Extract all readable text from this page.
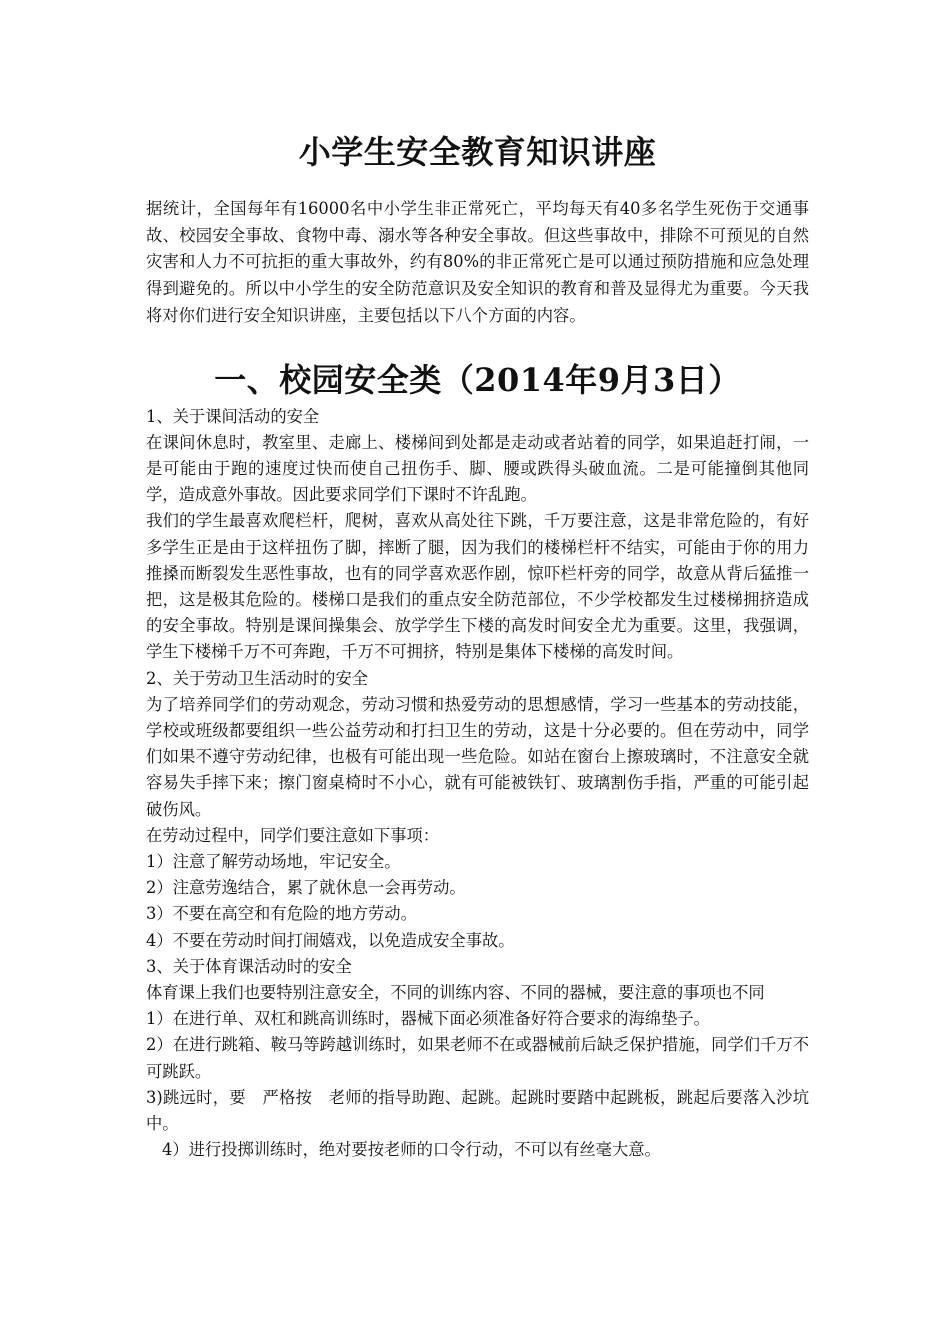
小学生安全教育知识讲座

据统计，全国每年有16000名中小学生非正常死亡，平均每天有40多名学生死伤于交通事故、校园安全事故、食物中毒、溺水等各种安全事故。但这些事故中，排除不可预见的自然灾害和人力不可抗拒的重大事故外，约有80%的非正常死亡是可以通过预防措施和应急处理得到避免的。所以中小学生的安全防范意识及安全知识的教育和普及显得尤为重要。今天我将对你们进行安全知识讲座，主要包括以下八个方面的内容。

一、校园安全类（2014年9月3日）

1、关于课间活动的安全

在课间休息时，教室里、走廊上、楼梯间到处都是走动或者站着的同学，如果追赶打闹，一是可能由于跑的速度过快而使自己扭伤手、脚、腰或跌得头破血流。二是可能撞倒其他同学，造成意外事故。因此要求同学们下课时不许乱跑。

我们的学生最喜欢爬栏杆，爬树，喜欢从高处往下跳，千万要注意，这是非常危险的，有好多学生正是由于这样扭伤了脚，摔断了腿，因为我们的楼梯栏杆不结实，可能由于你的用力推搡而断裂发生恶性事故，也有的同学喜欢恶作剧，惊吓栏杆旁的同学，故意从背后猛推一把，这是极其危险的。楼梯口是我们的重点安全防范部位，不少学校都发生过楼梯拥挤造成的安全事故。特别是课间操集会、放学学生下楼的高发时间安全尤为重要。这里，我强调，学生下楼梯千万不可奔跑，千万不可拥挤，特别是集体下楼梯的高发时间。

2、关于劳动卫生活动时的安全

为了培养同学们的劳动观念，劳动习惯和热爱劳动的思想感情，学习一些基本的劳动技能，学校或班级都要组织一些公益劳动和打扫卫生的劳动，这是十分必要的。但在劳动中，同学们如果不遵守劳动纪律，也极有可能出现一些危险。如站在窗台上擦玻璃时，不注意安全就容易失手摔下来；擦门窗桌椅时不小心，就有可能被铁钉、玻璃割伤手指，严重的可能引起破伤风。

在劳动过程中，同学们要注意如下事项：

1）注意了解劳动场地，牢记安全。

2）注意劳逸结合，累了就休息一会再劳动。

3）不要在高空和有危险的地方劳动。

4）不要在劳动时间打闹嬉戏，以免造成安全事故。

3、关于体育课活动时的安全

体育课上我们也要特别注意安全，不同的训练内容、不同的器械，要注意的事项也不同

1）在进行单、双杠和跳高训练时，器械下面必须准备好符合要求的海绵垫子。

2）在进行跳箱、鞍马等跨越训练时，如果老师不在或器械前后缺乏保护措施，同学们千万不可跳跃。

3)跳远时，要　严格按　老师的指导助跑、起跳。起跳时要踏中起跳板，跳起后要落入沙坑中。

4）进行投掷训练时，绝对要按老师的口令行动，不可以有丝毫大意。
